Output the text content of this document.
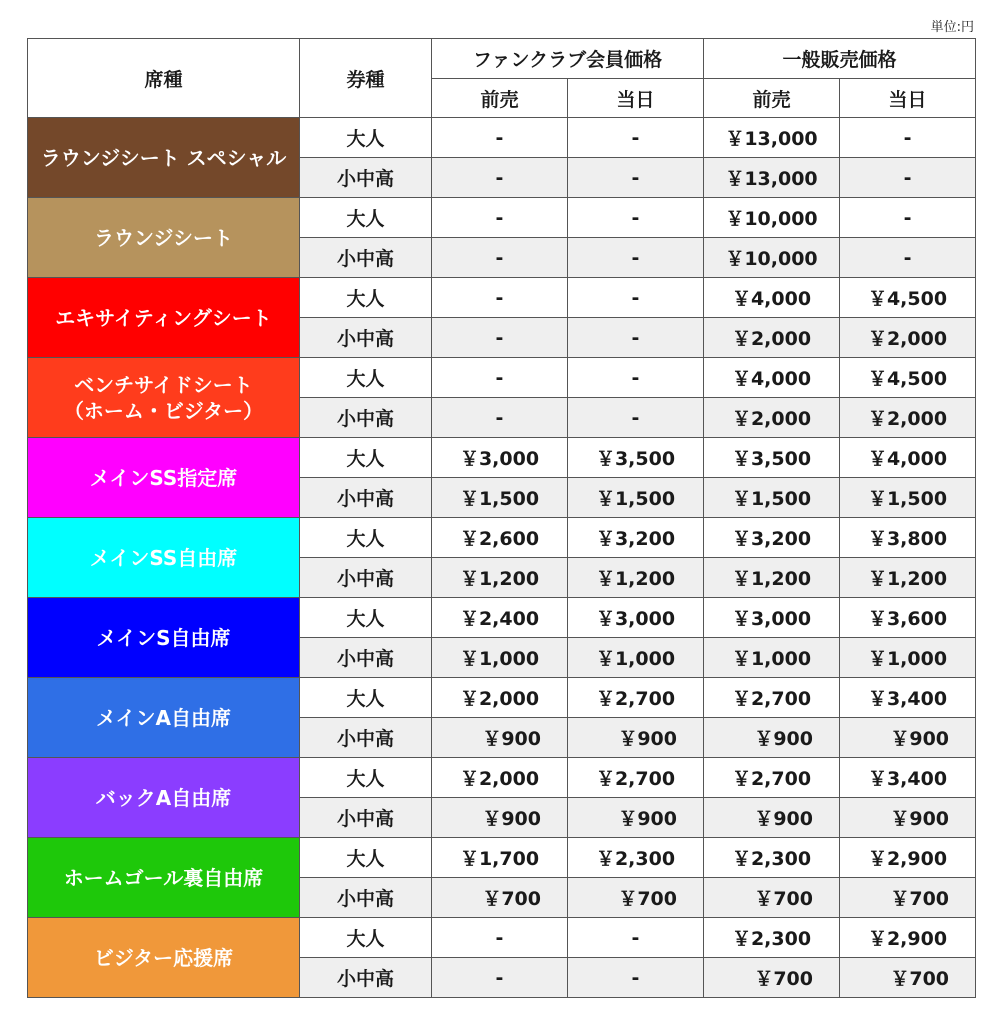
単位:円
席種	券種	ファンクラブ会員価格		一般販売価格	
		前売	当日	前売	当日

ラウンジシート スペシャル	大人	-	-	￥13,000	-
	小中高	-	-	￥13,000	-

ラウンジシート	大人	-	-	￥10,000	-
	小中高	-	-	￥10,000	-

エキサイティングシート	大人	-	-	￥4,000	￥4,500
	小中高	-	-	￥2,000	￥2,000

ベンチサイドシート
（ホーム・ビジター）	大人	-	-	￥4,000	￥4,500
	小中高	-	-	￥2,000	￥2,000

メインSS指定席	大人	￥3,000	￥3,500	￥3,500	￥4,000
	小中高	￥1,500	￥1,500	￥1,500	￥1,500

メインSS自由席	大人	￥2,600	￥3,200	￥3,200	￥3,800
	小中高	￥1,200	￥1,200	￥1,200	￥1,200

メインS自由席	大人	￥2,400	￥3,000	￥3,000	￥3,600
	小中高	￥1,000	￥1,000	￥1,000	￥1,000

メインA自由席	大人	￥2,000	￥2,700	￥2,700	￥3,400
	小中高	￥900	￥900	￥900	￥900

バックA自由席	大人	￥2,000	￥2,700	￥2,700	￥3,400
	小中高	￥900	￥900	￥900	￥900

ホームゴール裏自由席	大人	￥1,700	￥2,300	￥2,300	￥2,900
	小中高	￥700	￥700	￥700	￥700

ビジター応援席	大人	-	-	￥2,300	￥2,900
	小中高	-	-	￥700	￥700
